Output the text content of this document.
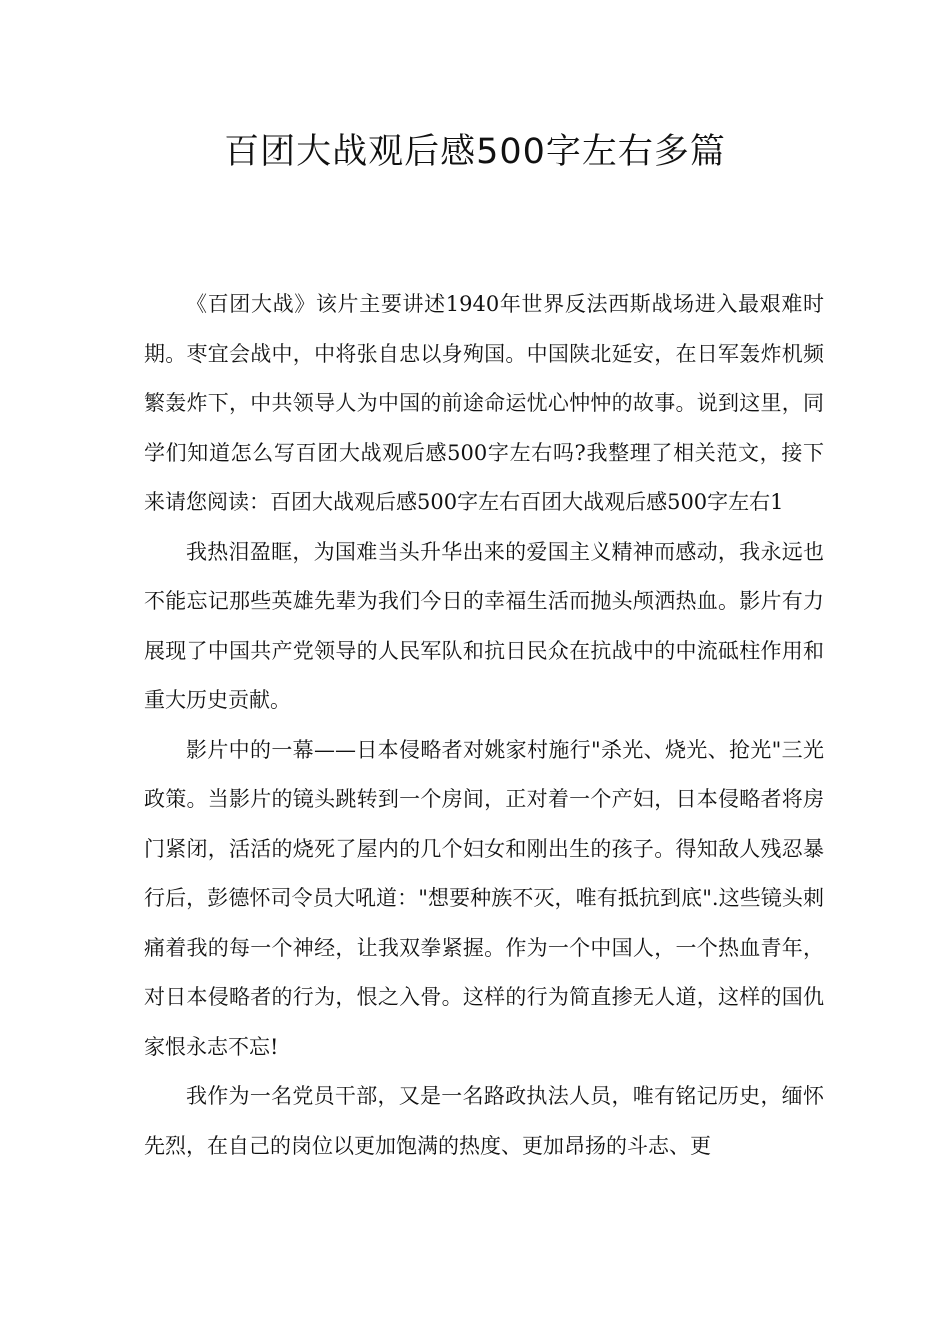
百团大战观后感500字左右多篇

《百团大战》该片主要讲述1940年世界反法西斯战场进入最艰难时期。枣宜会战中，中将张自忠以身殉国。中国陕北延安，在日军轰炸机频繁轰炸下，中共领导人为中国的前途命运忧心忡忡的故事。说到这里，同学们知道怎么写百团大战观后感500字左右吗?我整理了相关范文，接下来请您阅读：百团大战观后感500字左右百团大战观后感500字左右1

我热泪盈眶，为国难当头升华出来的爱国主义精神而感动，我永远也不能忘记那些英雄先辈为我们今日的幸福生活而抛头颅洒热血。影片有力展现了中国共产党领导的人民军队和抗日民众在抗战中的中流砥柱作用和重大历史贡献。

影片中的一幕——日本侵略者对姚家村施行"杀光、烧光、抢光"三光政策。当影片的镜头跳转到一个房间，正对着一个产妇，日本侵略者将房门紧闭，活活的烧死了屋内的几个妇女和刚出生的孩子。得知敌人残忍暴行后，彭德怀司令员大吼道："想要种族不灭，唯有抵抗到底".这些镜头刺痛着我的每一个神经，让我双拳紧握。作为一个中国人，一个热血青年，对日本侵略者的行为，恨之入骨。这样的行为简直掺无人道，这样的国仇家恨永志不忘!

我作为一名党员干部，又是一名路政执法人员，唯有铭记历史，缅怀先烈，在自己的岗位以更加饱满的热度、更加昂扬的斗志、更
